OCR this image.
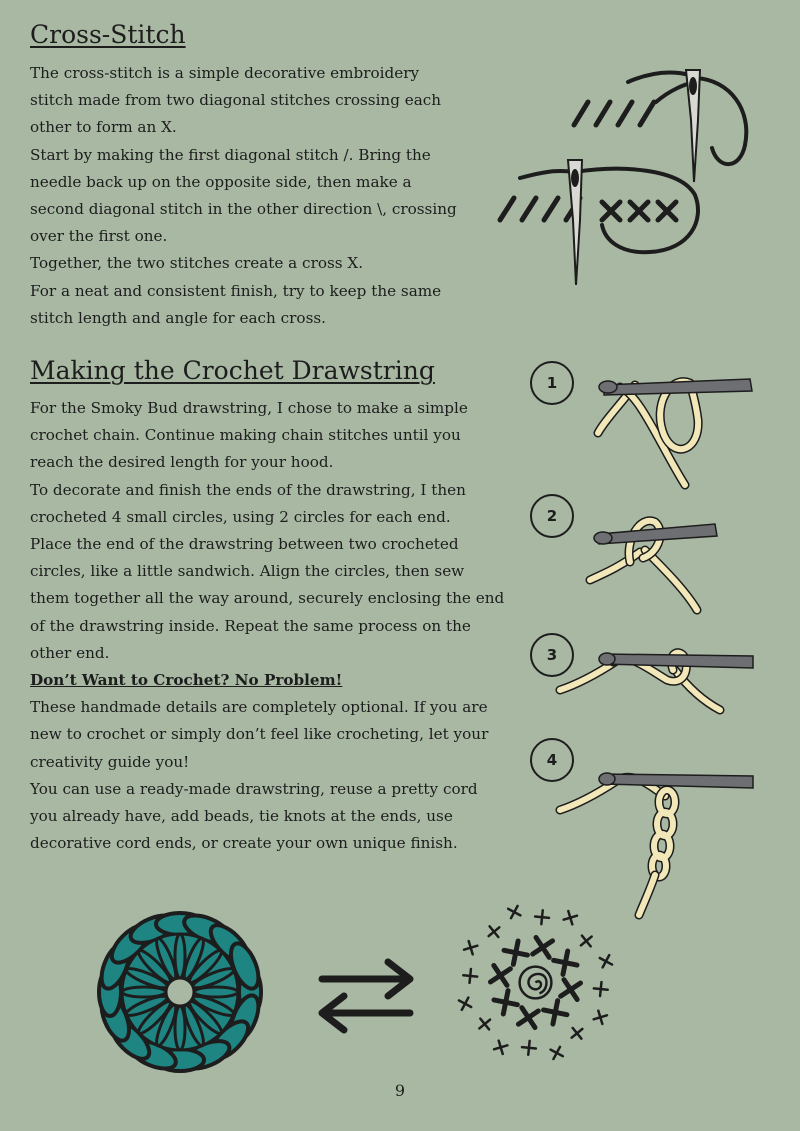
Cross-Stitch

The cross-stitch is a simple decorative embroidery stitch made from two diagonal stitches crossing each other to form an X.

Start by making the first diagonal stitch /. Bring the needle back up on the opposite side, then make a second diagonal stitch in the other direction \, crossing over the first one.

Together, the two stitches create a cross X.

For a neat and consistent finish, try to keep the same stitch length and angle for each cross.

Making the Crochet Drawstring

For the Smoky Bud drawstring, I chose to make a simple crochet chain. Continue making chain stitches until you reach the desired length for your hood.

To decorate and finish the ends of the drawstring, I then crocheted 4 small circles, using 2 circles for each end.

Place the end of the drawstring between two crocheted circles, like a little sandwich. Align the circles, then sew them together all the way around, securely enclosing the end of the drawstring inside. Repeat the same process on the other end.

Don’t Want to Crochet? No Problem!

These handmade details are completely optional. If you are new to crochet or simply don’t feel like crocheting, let your creativity guide you!

You can use a ready-made drawstring, reuse a pretty cord you already have, add beads, tie knots at the ends, use decorative cord ends, or create your own unique finish.

1
2
3
4
9
